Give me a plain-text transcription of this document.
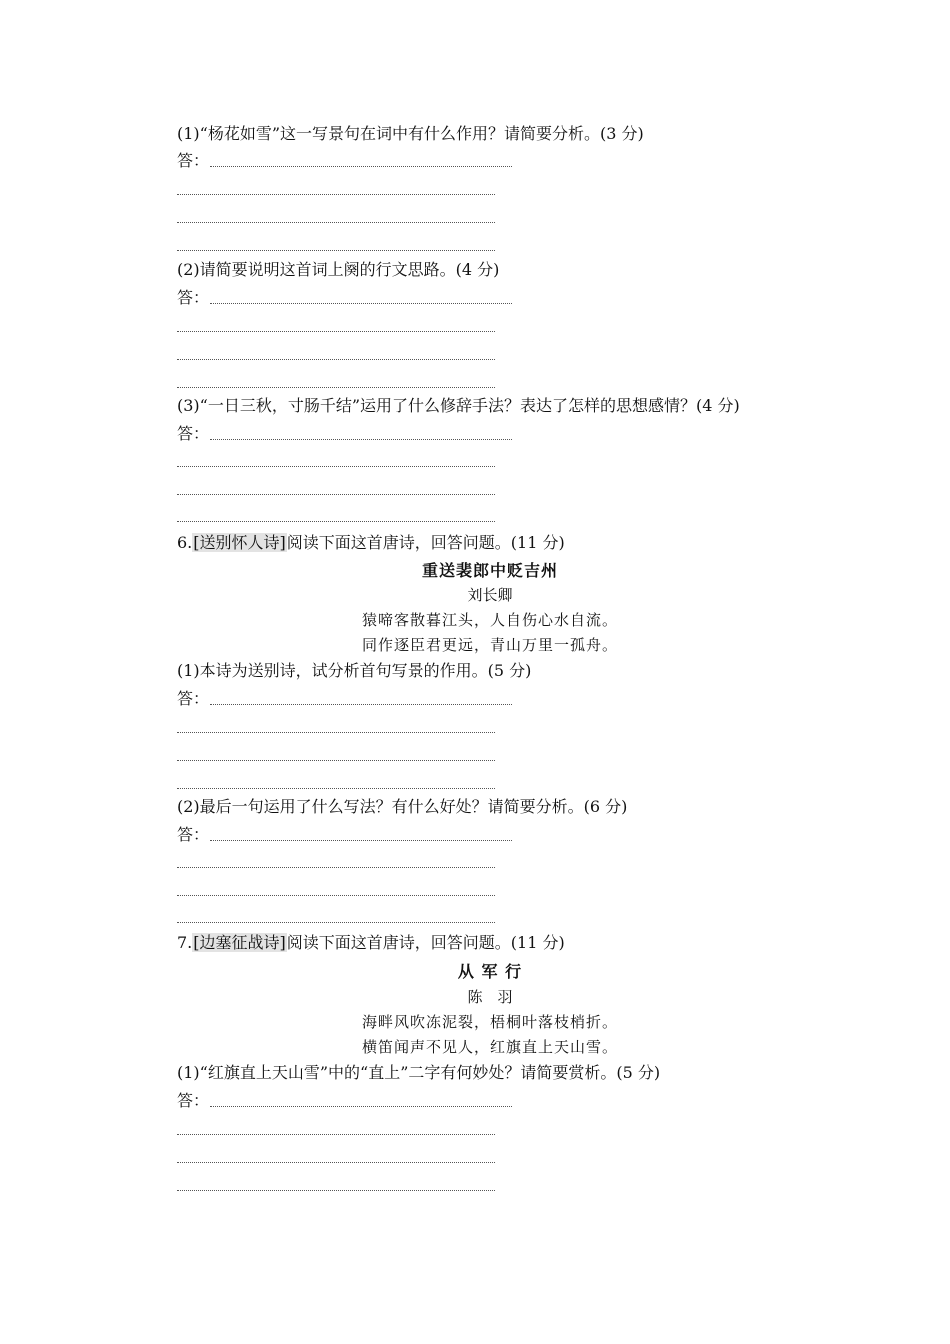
(1)“杨花如雪”这一写景句在词中有什么作用？请简要分析。(3 分)
答：
(2)请简要说明这首词上阕的行文思路。(4 分)
答：
(3)“一日三秋，寸肠千结”运用了什么修辞手法？表达了怎样的思想感情？(4 分)
答：
6.[送别怀人诗]阅读下面这首唐诗，回答问题。(11 分)
重送裴郎中贬吉州
刘长卿
猿啼客散暮江头，人自伤心水自流。
同作逐臣君更远，青山万里一孤舟。
(1)本诗为送别诗，试分析首句写景的作用。(5 分)
答：
(2)最后一句运用了什么写法？有什么好处？请简要分析。(6 分)
答：
7.[边塞征战诗]阅读下面这首唐诗，回答问题。(11 分)
从 军 行
陈　羽
海畔风吹冻泥裂，梧桐叶落枝梢折。
横笛闻声不见人，红旗直上天山雪。
(1)“红旗直上天山雪”中的“直上”二字有何妙处？请简要赏析。(5 分)
答：
